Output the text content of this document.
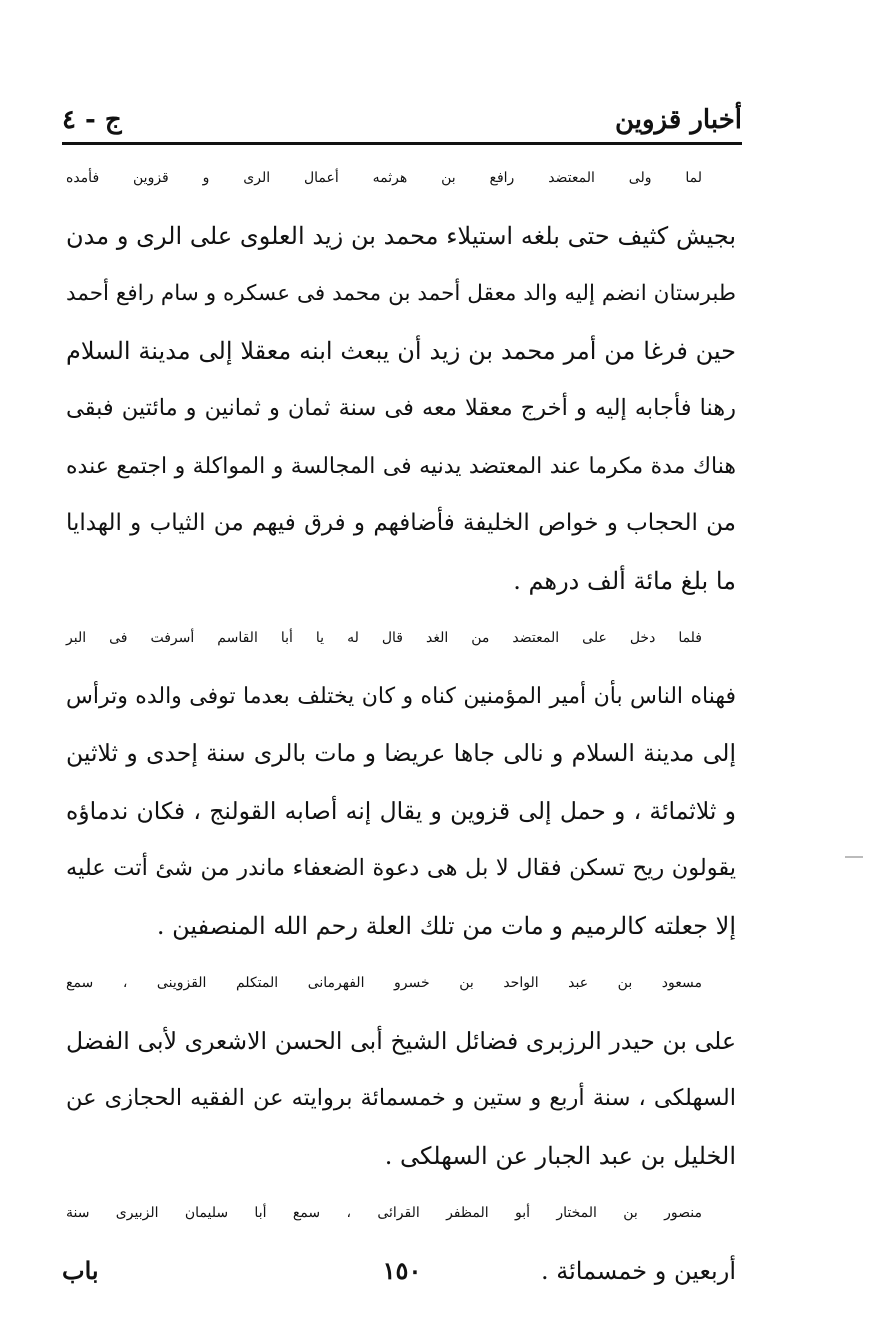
أخبار قزوين
ج - ٤

لما ولى المعتضد رافع بن هرثمه أعمال الرى و قزوين فأمده
بجيش كثيف حتى بلغه استيلاء محمد بن زيد العلوى على الرى و مدن
طبرستان انضم إليه والد معقل أحمد بن محمد فى عسكره و سام رافع أحمد
حين فرغا من أمر محمد بن زيد أن يبعث ابنه معقلا إلى مدينة السلام
رهنا فأجابه إليه و أخرج معقلا معه فى سنة ثمان و ثمانين و مائتين فبقى
هناك مدة مكرما عند المعتضد يدنيه فى المجالسة و المواكلة و اجتمع عنده
من الحجاب و خواص الخليفة فأضافهم و فرق فيهم من الثياب و الهدايا
ما بلغ مائة ألف درهم .

فلما دخل على المعتضد من الغد قال له يا أبا القاسم أسرفت فى البر
فهناه الناس بأن أمير المؤمنين كناه و كان يختلف بعدما توفى والده وترأس
إلى مدينة السلام و نالى جاها عريضا و مات بالرى سنة إحدى و ثلاثين
و ثلاثمائة ، و حمل إلى قزوين و يقال إنه أصابه القولنج ، فكان ندماؤه
يقولون ريح تسكن فقال لا بل هى دعوة الضعفاء ماندر من شئ أتت عليه
إلا جعلته كالرميم و مات من تلك العلة رحم الله المنصفين .

مسعود بن عبد الواحد بن خسرو الفهرمانى المتكلم القزوينى ، سمع
على بن حيدر الرزبرى فضائل الشيخ أبى الحسن الاشعرى لأبى الفضل
السهلكى ، سنة أربع و ستين و خمسمائة بروايته عن الفقيه الحجازى عن
الخليل بن عبد الجبار عن السهلكى .

منصور بن المختار أبو المظفر القرائى ، سمع أبا سليمان الزبيرى سنة
أربعين و خمسمائة .

١٥٠
باب
